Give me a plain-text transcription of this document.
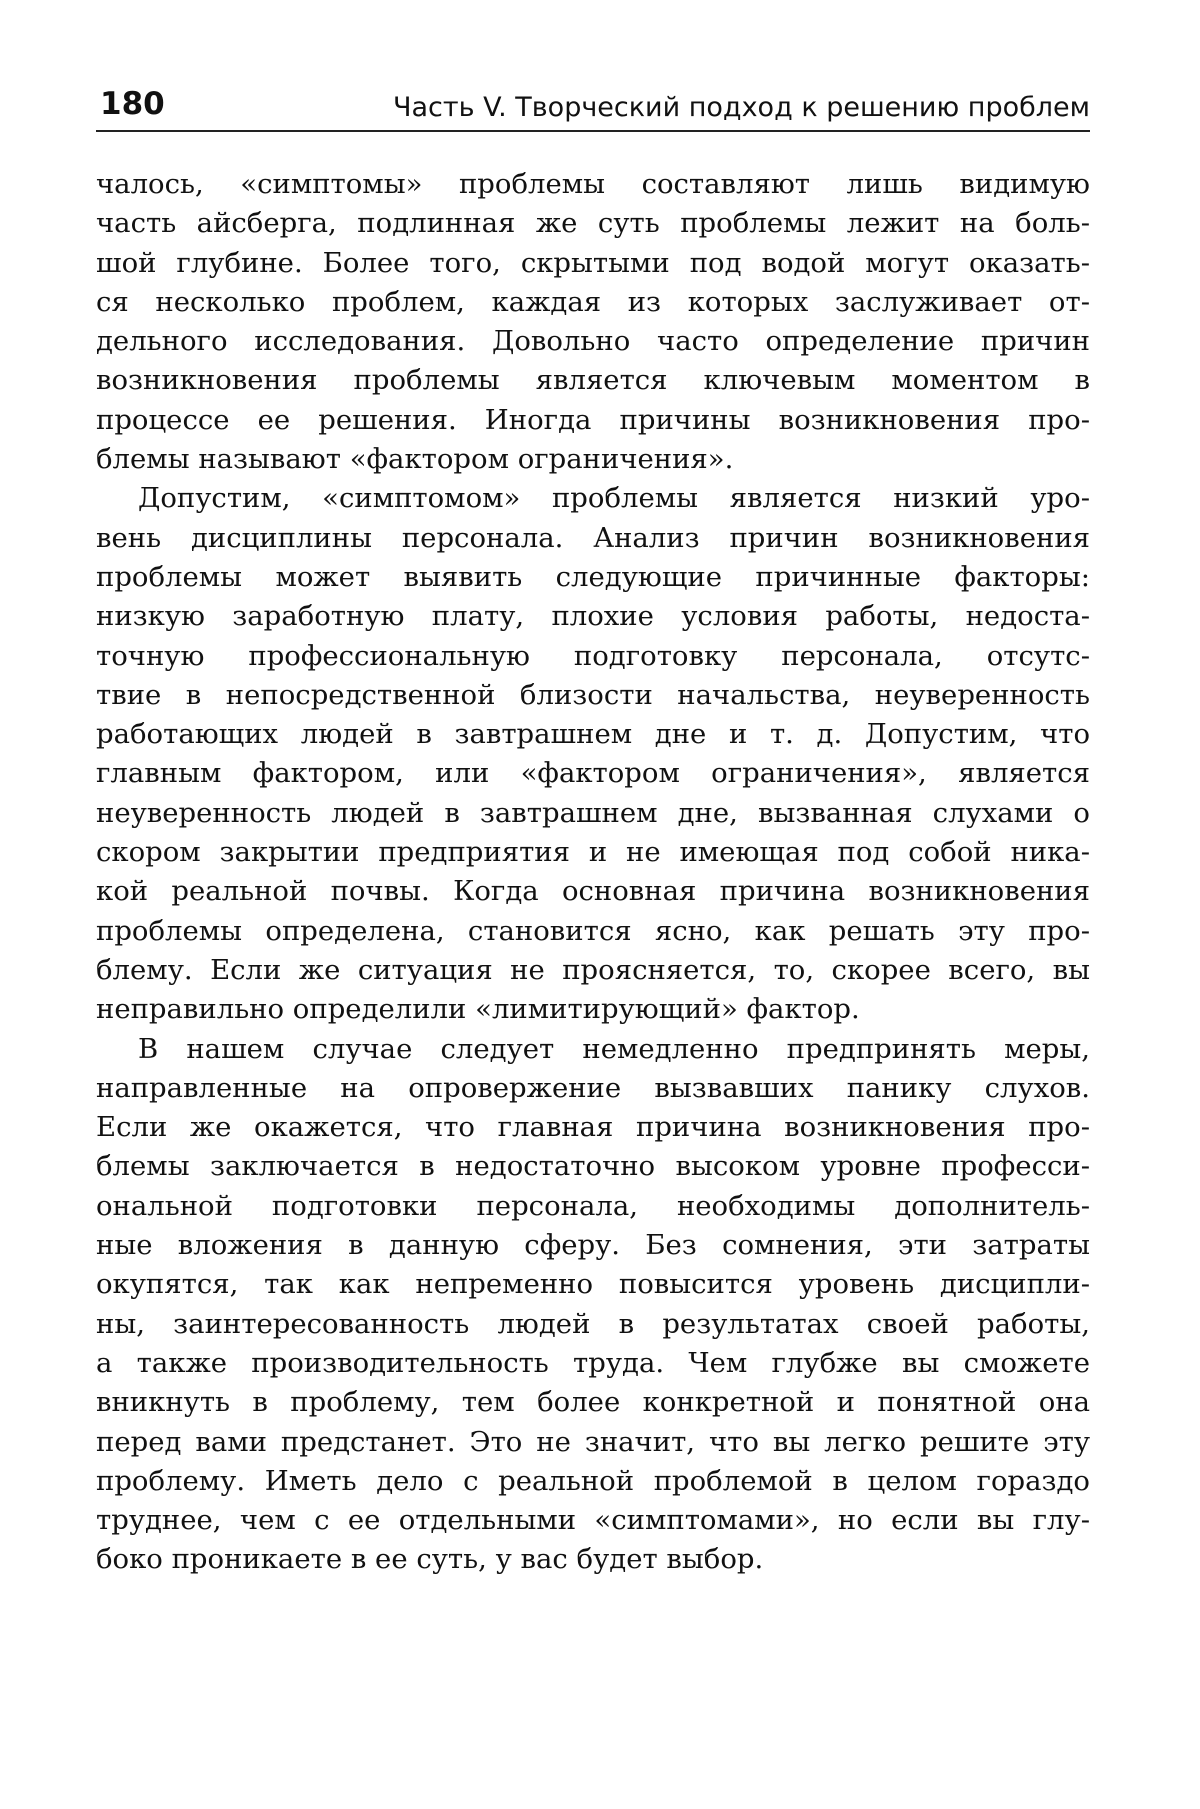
180	Часть V. Творческий подход к решению проблем
чалось, «симптомы» проблемы составляют лишь видимую
часть айсберга, подлинная же суть проблемы лежит на боль-
шой глубине. Более того, скрытыми под водой могут оказать-
ся несколько проблем, каждая из которых заслуживает от-
дельного исследования. Довольно часто определение причин
возникновения проблемы является ключевым моментом в
процессе ее решения. Иногда причины возникновения про-
блемы называют «фактором ограничения».
Допустим, «симптомом» проблемы является низкий уро-
вень дисциплины персонала. Анализ причин возникновения
проблемы может выявить следующие причинные факторы:
низкую заработную плату, плохие условия работы, недоста-
точную профессиональную подготовку персонала, отсутс-
твие в непосредственной близости начальства, неуверенность
работающих людей в завтрашнем дне и т. д. Допустим, что
главным фактором, или «фактором ограничения», является
неуверенность людей в завтрашнем дне, вызванная слухами о
скором закрытии предприятия и не имеющая под собой ника-
кой реальной почвы. Когда основная причина возникновения
проблемы определена, становится ясно, как решать эту про-
блему. Если же ситуация не проясняется, то, скорее всего, вы
неправильно определили «лимитирующий» фактор.
В нашем случае следует немедленно предпринять меры,
направленные на опровержение вызвавших панику слухов.
Если же окажется, что главная причина возникновения про-
блемы заключается в недостаточно высоком уровне професси-
ональной подготовки персонала, необходимы дополнитель-
ные вложения в данную сферу. Без сомнения, эти затраты
окупятся, так как непременно повысится уровень дисципли-
ны, заинтересованность людей в результатах своей работы,
а также производительность труда. Чем глубже вы сможете
вникнуть в проблему, тем более конкретной и понятной она
перед вами предстанет. Это не значит, что вы легко решите эту
проблему. Иметь дело с реальной проблемой в целом гораздо
труднее, чем с ее отдельными «симптомами», но если вы глу-
боко проникаете в ее суть, у вас будет выбор.
